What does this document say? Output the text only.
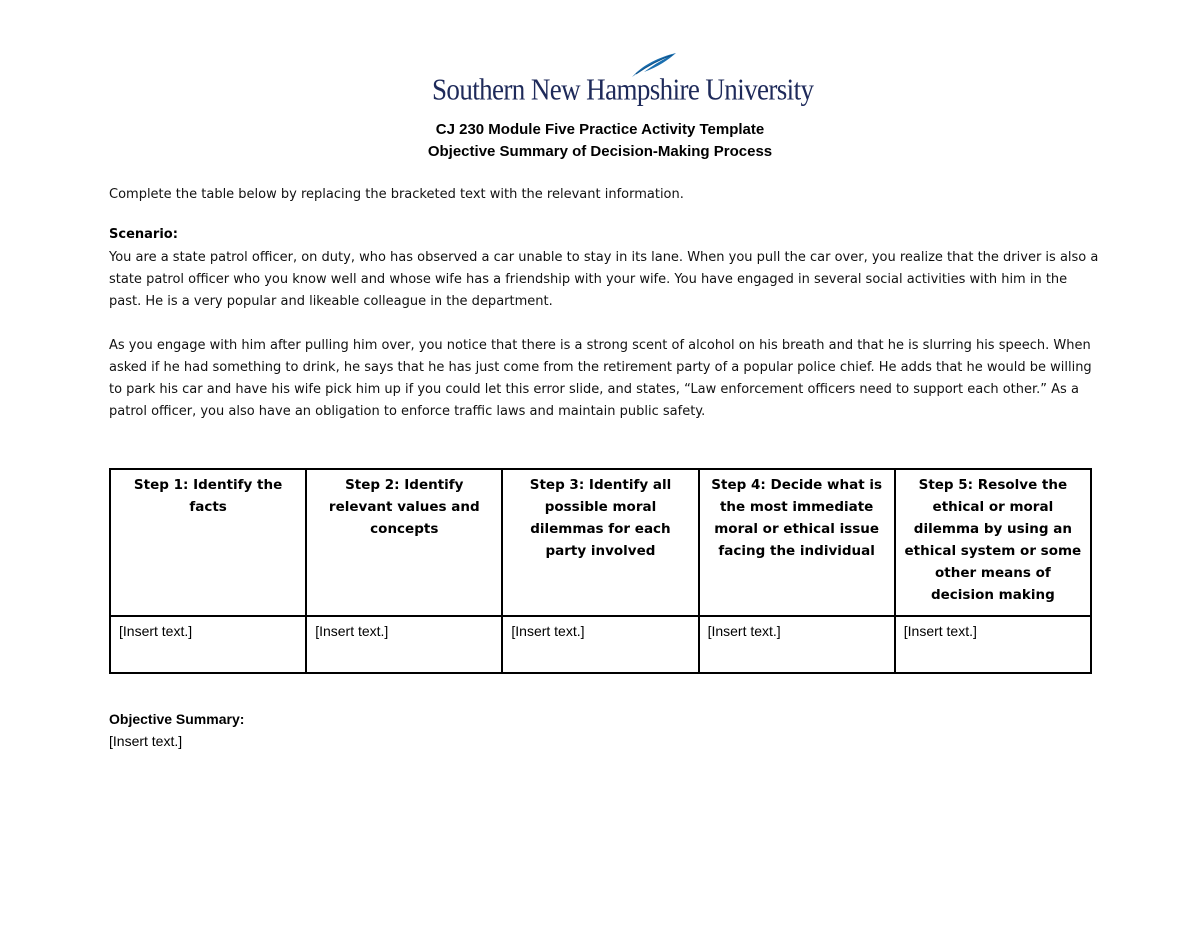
Southern New Hampshire University
CJ 230 Module Five Practice Activity Template
Objective Summary of Decision-Making Process

Complete the table below by replacing the bracketed text with the relevant information.

Scenario:

You are a state patrol officer, on duty, who has observed a car unable to stay in its lane. When you pull the car over, you realize that the driver is also a state patrol officer who you know well and whose wife has a friendship with your wife. You have engaged in several social activities with him in the past. He is a very popular and likeable colleague in the department.

As you engage with him after pulling him over, you notice that there is a strong scent of alcohol on his breath and that he is slurring his speech. When asked if he had something to drink, he says that he has just come from the retirement party of a popular police chief. He adds that he would be willing to park his car and have his wife pick him up if you could let this error slide, and states, “Law enforcement officers need to support each other.” As a patrol officer, you also have an obligation to enforce traffic laws and maintain public safety.

Step 1: Identify the facts	Step 2: Identify relevant values and concepts	Step 3: Identify all possible moral dilemmas for each party involved	Step 4: Decide what is the most immediate moral or ethical issue facing the individual	Step 5: Resolve the ethical or moral dilemma by using an ethical system or some other means of decision making
[Insert text.]	[Insert text.]	[Insert text.]	[Insert text.]	[Insert text.]
Objective Summary:
[Insert text.]
